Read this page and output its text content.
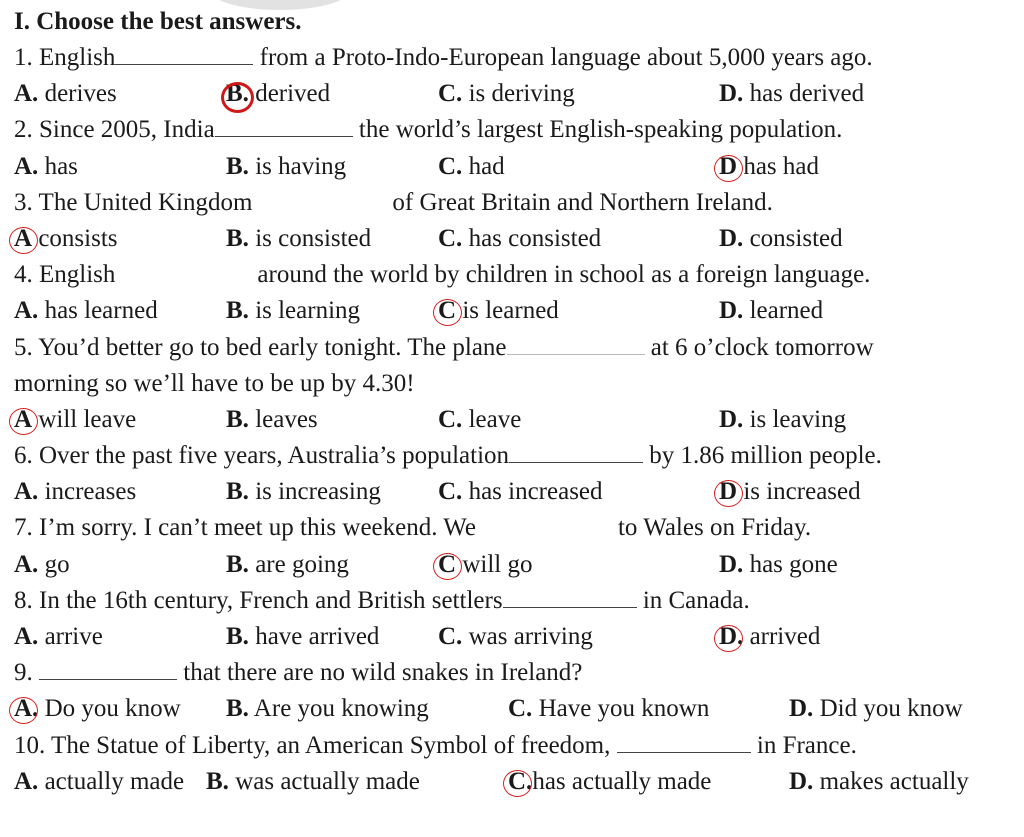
I. Choose the best answers.
1. English	from a Proto-Indo-European language about 5,000 years ago.
A. derives	B. derived	C. is deriving	D. has derived
2. Since 2005, India	the world’s largest English-speaking population.
A. has	B. is having	C. had	D has had
3. The United Kingdom	of Great Britain and Northern Ireland.
A consists	B. is consisted	C. has consisted	D. consisted
4. English	around the world by children in school as a foreign language.
A. has learned	B. is learning	C is learned	D. learned
5. You’d better go to bed early tonight. The plane	at 6 o’clock tomorrow
morning so we’ll have to be up by 4.30!
A will leave	B. leaves	C. leave	D. is leaving
6. Over the past five years, Australia’s population	by 1.86 million people.
A. increases	B. is increasing C. has increased	D is increased
7. I’m sorry. I can’t meet up this weekend. We	to Wales on Friday.
A. go	B. are going	C will go	D. has gone
8. In the 16th century, French and British settlers	in Canada.
A. arrive	B. have arrived C. was arriving	D. arrived
9.	that there are no wild snakes in Ireland?
A. Do you know B. Are you knowing	C. Have you known	D. Did you know
10. The Statue of Liberty, an American Symbol of freedom,	in France.
A. actually made B. was actually made	C.has actually made	D. makes actually
